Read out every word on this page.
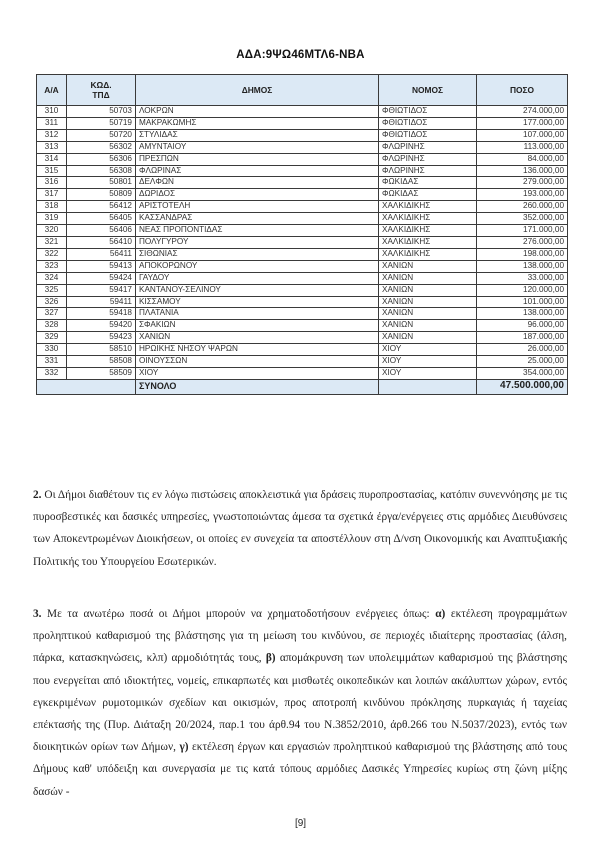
ΑΔΑ:9ΨΩ46ΜΤΛ6-ΝΒΑ
Α/Α	ΚΩΔ. ΤΠΔ	ΔΗΜΟΣ	ΝΟΜΟΣ	ΠΟΣΟ
310	50703	ΛΟΚΡΩΝ	ΦΘΙΩΤΙΔΟΣ	274.000,00
311	50719	ΜΑΚΡΑΚΩΜΗΣ	ΦΘΙΩΤΙΔΟΣ	177.000,00
312	50720	ΣΤΥΛΙΔΑΣ	ΦΘΙΩΤΙΔΟΣ	107.000,00
313	56302	ΑΜΥΝΤΑΙΟΥ	ΦΛΩΡΙΝΗΣ	113.000,00
314	56306	ΠΡΕΣΠΩΝ	ΦΛΩΡΙΝΗΣ	84.000,00
315	56308	ΦΛΩΡΙΝΑΣ	ΦΛΩΡΙΝΗΣ	136.000,00
316	50801	ΔΕΛΦΩΝ	ΦΩΚΙΔΑΣ	279.000,00
317	50809	ΔΩΡΙΔΟΣ	ΦΩΚΙΔΑΣ	193.000,00
318	56412	ΑΡΙΣΤΟΤΕΛΗ	ΧΑΛΚΙΔΙΚΗΣ	260.000,00
319	56405	ΚΑΣΣΑΝΔΡΑΣ	ΧΑΛΚΙΔΙΚΗΣ	352.000,00
320	56406	ΝΕΑΣ ΠΡΟΠΟΝΤΙΔΑΣ	ΧΑΛΚΙΔΙΚΗΣ	171.000,00
321	56410	ΠΟΛΥΓΥΡΟΥ	ΧΑΛΚΙΔΙΚΗΣ	276.000,00
322	56411	ΣΙΘΩΝΙΑΣ	ΧΑΛΚΙΔΙΚΗΣ	198.000,00
323	59413	ΑΠΟΚΟΡΩΝΟΥ	ΧΑΝΙΩΝ	138.000,00
324	59424	ΓΑΥΔΟΥ	ΧΑΝΙΩΝ	33.000,00
325	59417	ΚΑΝΤΑΝΟΥ-ΣΕΛΙΝΟΥ	ΧΑΝΙΩΝ	120.000,00
326	59411	ΚΙΣΣΑΜΟΥ	ΧΑΝΙΩΝ	101.000,00
327	59418	ΠΛΑΤΑΝΙΑ	ΧΑΝΙΩΝ	138.000,00
328	59420	ΣΦΑΚΙΩΝ	ΧΑΝΙΩΝ	96.000,00
329	59423	ΧΑΝΙΩΝ	ΧΑΝΙΩΝ	187.000,00
330	58510	ΗΡΩΙΚΗΣ ΝΗΣΟΥ ΨΑΡΩΝ	ΧΙΟΥ	26.000,00
331	58508	ΟΙΝΟΥΣΣΩΝ	ΧΙΟΥ	25.000,00
332	58509	ΧΙΟΥ	ΧΙΟΥ	354.000,00
		ΣΥΝΟΛΟ		47.500.000,00
2. Οι Δήμοι διαθέτουν τις εν λόγω πιστώσεις αποκλειστικά για δράσεις πυροπροστασίας, κατόπιν συνεννόησης με τις πυροσβεστικές και δασικές υπηρεσίες, γνωστοποιώντας άμεσα τα σχετικά έργα/ενέργειες στις αρμόδιες Διευθύνσεις των Αποκεντρωμένων Διοικήσεων, οι οποίες εν συνεχεία τα αποστέλλουν στη Δ/νση Οικονομικής και Αναπτυξιακής Πολιτικής του Υπουργείου Εσωτερικών.
3. Με τα ανωτέρω ποσά οι Δήμοι μπορούν να χρηματοδοτήσουν ενέργειες όπως: α) εκτέλεση προγραμμάτων προληπτικού καθαρισμού της βλάστησης για τη μείωση του κινδύνου, σε περιοχές ιδιαίτερης προστασίας (άλση, πάρκα, κατασκηνώσεις, κλπ) αρμοδιότητάς τους, β) απομάκρυνση των υπολειμμάτων καθαρισμού της βλάστησης που ενεργείται από ιδιοκτήτες, νομείς, επικαρπωτές και μισθωτές οικοπεδικών και λοιπών ακάλυπτων χώρων, εντός εγκεκριμένων ρυμοτομικών σχεδίων και οικισμών, προς αποτροπή κινδύνου πρόκλησης πυρκαγιάς ή ταχείας επέκτασής της (Πυρ. Διάταξη 20/2024, παρ.1 του άρθ.94 του Ν.3852/2010, άρθ.266 του Ν.5037/2023), εντός των διοικητικών ορίων των Δήμων, γ) εκτέλεση έργων και εργασιών προληπτικού καθαρισμού της βλάστησης από τους Δήμους καθ' υπόδειξη και συνεργασία με τις κατά τόπους αρμόδιες Δασικές Υπηρεσίες κυρίως στη ζώνη μίξης δασών -
[9]
